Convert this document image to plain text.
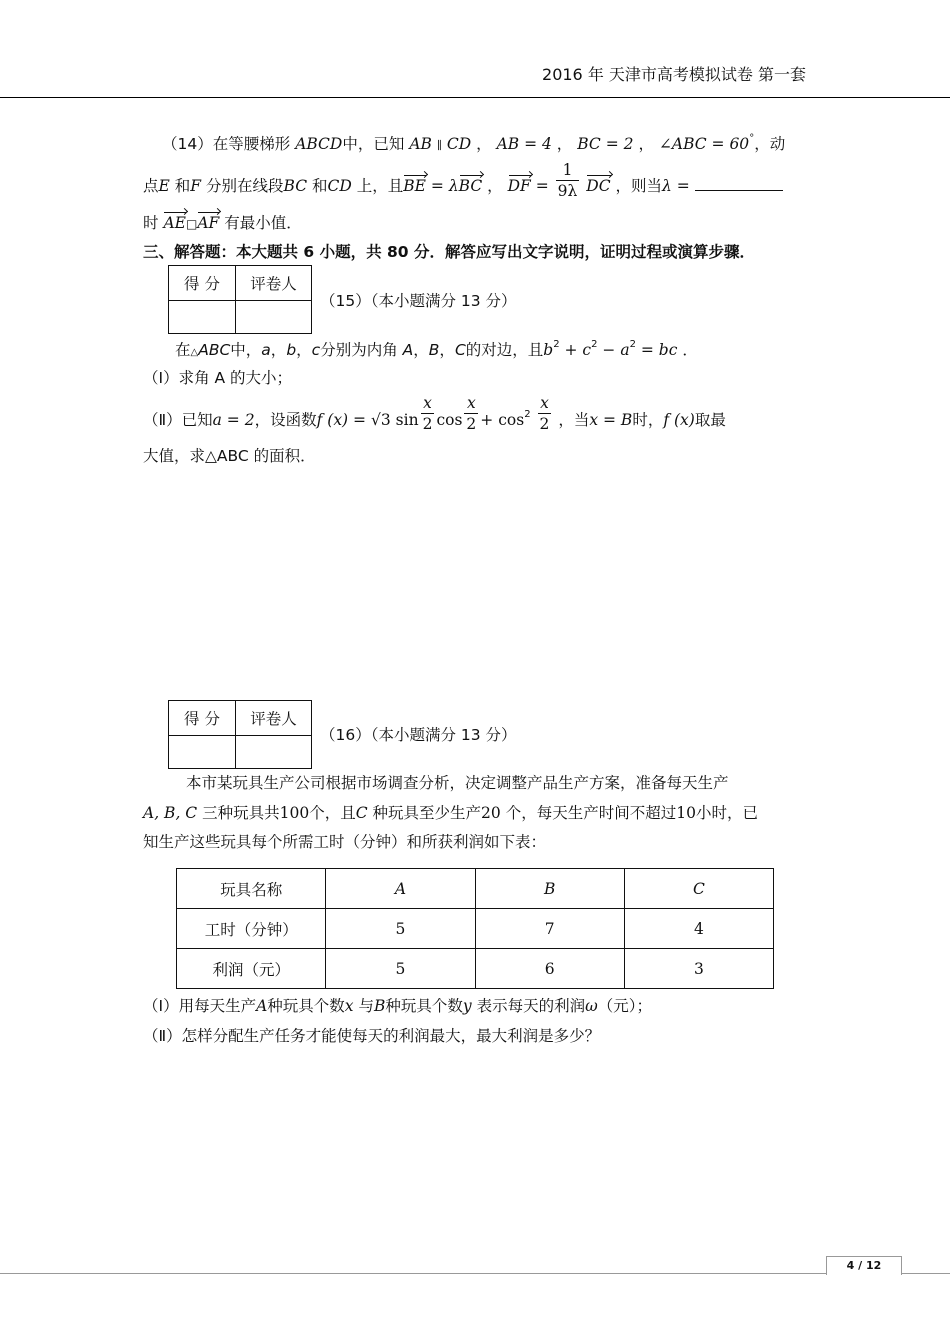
2016 年 天津市高考模拟试卷 第一套
（14）在等腰梯形 ABCD中，已知 AB ∥ CD ， AB = 4 ， BC = 2 ， ∠ABC = 60°，动
点E 和F 分别在线段BC 和CD 上，且BE = λBC ， DF = $\frac{1}{9\lambda}$ DC ，则当λ =
时 AE□AF 有最小值．
三、解答题：本大题共 6 小题，共 80 分．解答应写出文字说明，证明过程或演算步骤．
得 分	评卷人

（15）（本小题满分 13 分）
在△ABC中，a，b，c分别为内角 A，B，C的对边，且$b^2 + c^2 - a^2$ = bc ．
（Ⅰ）求角 A 的大小；
（Ⅱ）已知a = 2，设函数f (x) = √3 $\sin \frac{x}{2}$ $\cos \frac{x}{2} + \cos^2 \frac{x}{2}$ ，当x = B时，f (x)取最
大值，求△ABC 的面积．
得 分	评卷人

（16）（本小题满分 13 分）
本市某玩具生产公司根据市场调查分析，决定调整产品生产方案，准备每天生产
A, B, C 三种玩具共100个，且C 种玩具至少生产20 个，每天生产时间不超过10小时，已
知生产这些玩具每个所需工时（分钟）和所获利润如下表：
玩具名称	A	B	C
工时（分钟）	5	7	4
利润（元）	5	6	3
（Ⅰ）用每天生产A种玩具个数x 与B种玩具个数y 表示每天的利润ω（元）；
（Ⅱ）怎样分配生产任务才能使每天的利润最大，最大利润是多少？
4 / 12
